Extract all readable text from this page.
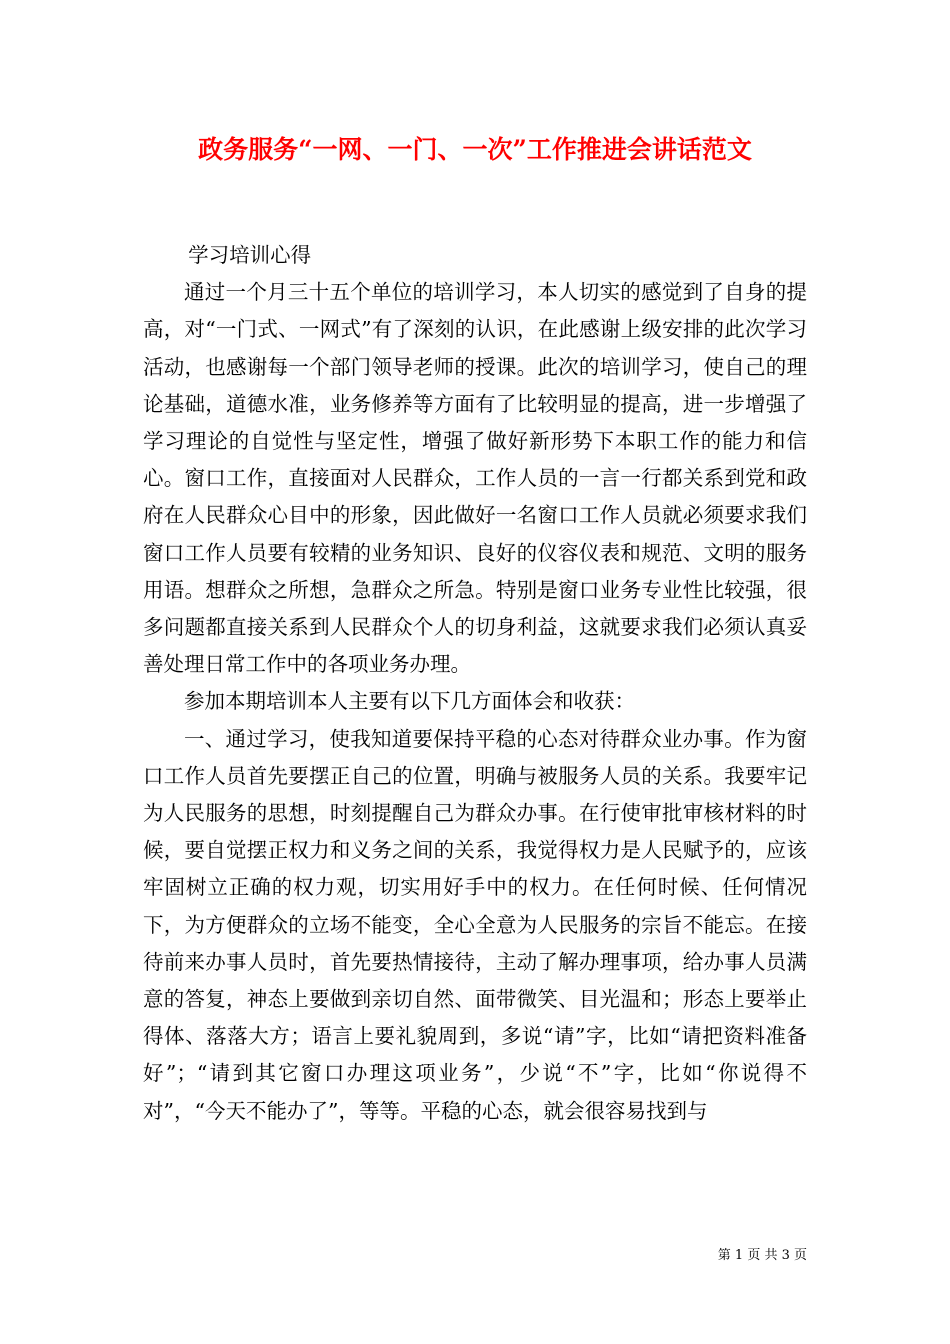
政务服务“一网、一门、一次”工作推进会讲话范文

学习培训心得

通过一个月三十五个单位的培训学习，本人切实的感觉到了自身的提高，对“一门式、一网式”有了深刻的认识，在此感谢上级安排的此次学习活动，也感谢每一个部门领导老师的授课。此次的培训学习，使自己的理论基础，道德水准，业务修养等方面有了比较明显的提高，进一步增强了学习理论的自觉性与坚定性，增强了做好新形势下本职工作的能力和信心。窗口工作，直接面对人民群众，工作人员的一言一行都关系到党和政府在人民群众心目中的形象，因此做好一名窗口工作人员就必须要求我们窗口工作人员要有较精的业务知识、良好的仪容仪表和规范、文明的服务用语。想群众之所想，急群众之所急。特别是窗口业务专业性比较强，很多问题都直接关系到人民群众个人的切身利益，这就要求我们必须认真妥善处理日常工作中的各项业务办理。

参加本期培训本人主要有以下几方面体会和收获：

一、通过学习，使我知道要保持平稳的心态对待群众业办事。作为窗口工作人员首先要摆正自己的位置，明确与被服务人员的关系。我要牢记为人民服务的思想，时刻提醒自己为群众办事。在行使审批审核材料的时候，要自觉摆正权力和义务之间的关系，我觉得权力是人民赋予的，应该牢固树立正确的权力观，切实用好手中的权力。在任何时候、任何情况下，为方便群众的立场不能变，全心全意为人民服务的宗旨不能忘。在接待前来办事人员时，首先要热情接待，主动了解办理事项，给办事人员满意的答复，神态上要做到亲切自然、面带微笑、目光温和；形态上要举止得体、落落大方；语言上要礼貌周到，多说“请”字，比如“请把资料准备好”；“请到其它窗口办理这项业务”，少说“不”字，比如“你说得不对”，“今天不能办了”，等等。平稳的心态，就会很容易找到与

第 1 页 共 3 页
